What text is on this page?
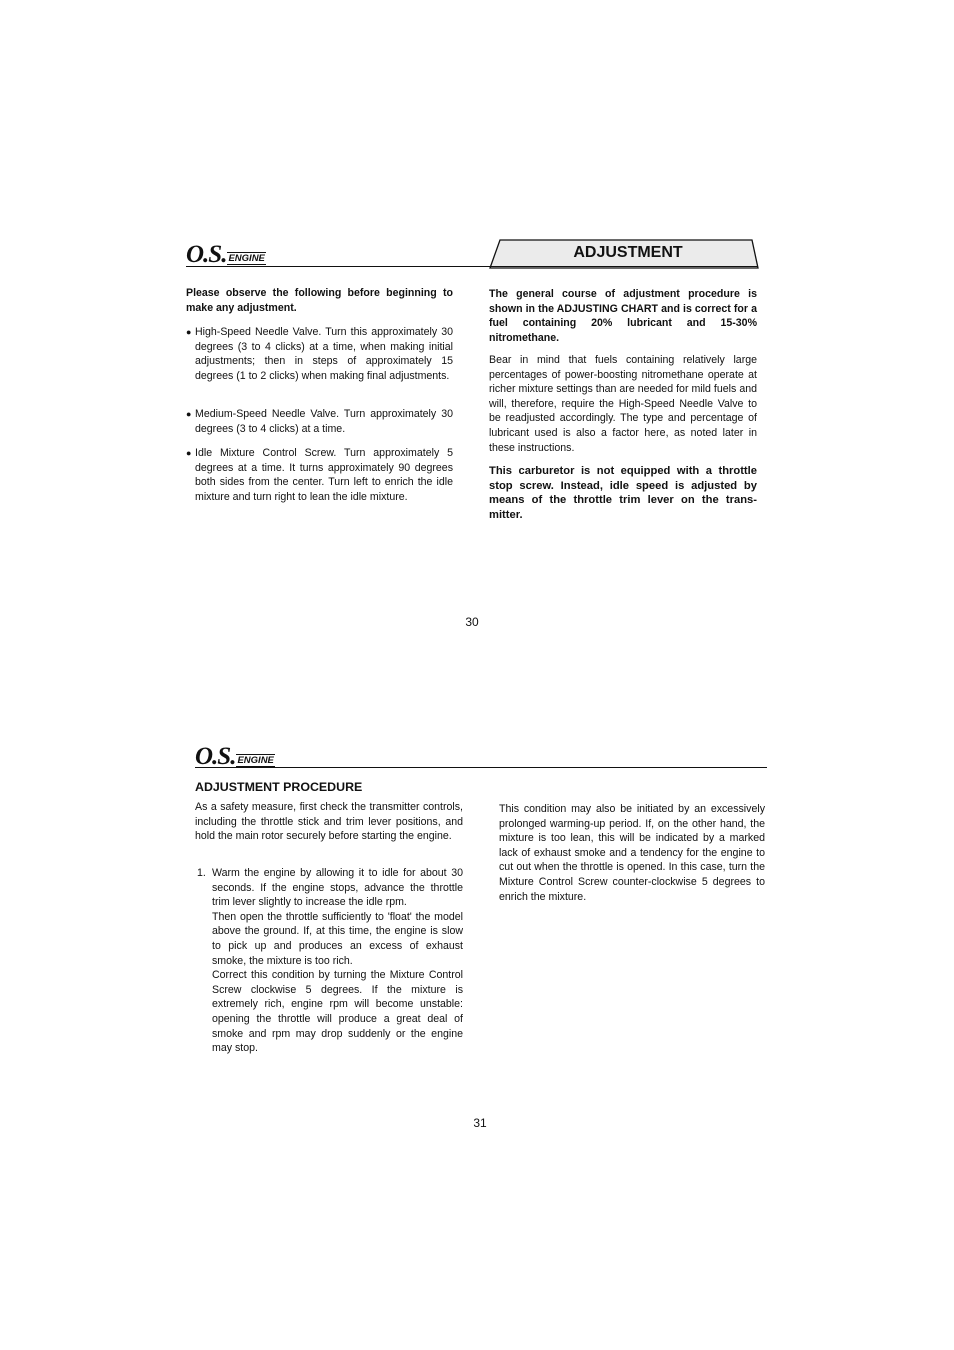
O.S. ENGINE	ADJUSTMENT

Please observe the following before beginning to make any adjustment.

● High-Speed Needle Valve. Turn this approximately 30 degrees (3 to 4 clicks) at a time, when making initial adjustments; then in steps of approximately 15 degrees (1 to 2 clicks) when making final adjustments.
● Medium-Speed Needle Valve. Turn approximately 30 degrees (3 to 4 clicks) at a time.
● Idle Mixture Control Screw. Turn approximately 5 degrees at a time. It turns approximately 90 degrees both sides from the center. Turn left to enrich the idle mixture and turn right to lean the idle mixture.

The general course of adjustment procedure is shown in the ADJUSTING CHART and is correct for a fuel containing 20% lubricant and 15-30% nitromethane.

Bear in mind that fuels containing relatively large percentages of power-boosting nitromethane operate at richer mixture settings than are needed for mild fuels and will, therefore, require the High-Speed Needle Valve to be readjusted accordingly. The type and percentage of lubricant used is also a factor here, as noted later in these instructions.

This carburetor is not equipped with a throttle stop screw. Instead, idle speed is adjusted by means of the throttle trim lever on the trans-mitter.

30
O.S. ENGINE
ADJUSTMENT PROCEDURE

As a safety measure, first check the transmitter controls, including the throttle stick and trim lever positions, and hold the main rotor securely before starting the engine.

1. Warm the engine by allowing it to idle for about 30 seconds. If the engine stops, advance the throttle trim lever slightly to increase the idle rpm.
Then open the throttle sufficiently to 'float' the model above the ground. If, at this time, the engine is slow to pick up and produces an excess of exhaust smoke, the mixture is too rich.
Correct this condition by turning the Mixture Control Screw clockwise 5 degrees. If the mixture is extremely rich, engine rpm will become unstable: opening the throttle will produce a great deal of smoke and rpm may drop suddenly or the engine may stop.

This condition may also be initiated by an excessively prolonged warming-up period. If, on the other hand, the mixture is too lean, this will be indicated by a marked lack of exhaust smoke and a tendency for the engine to cut out when the throttle is opened. In this case, turn the Mixture Control Screw counter-clockwise 5 degrees to enrich the mixture.

31
